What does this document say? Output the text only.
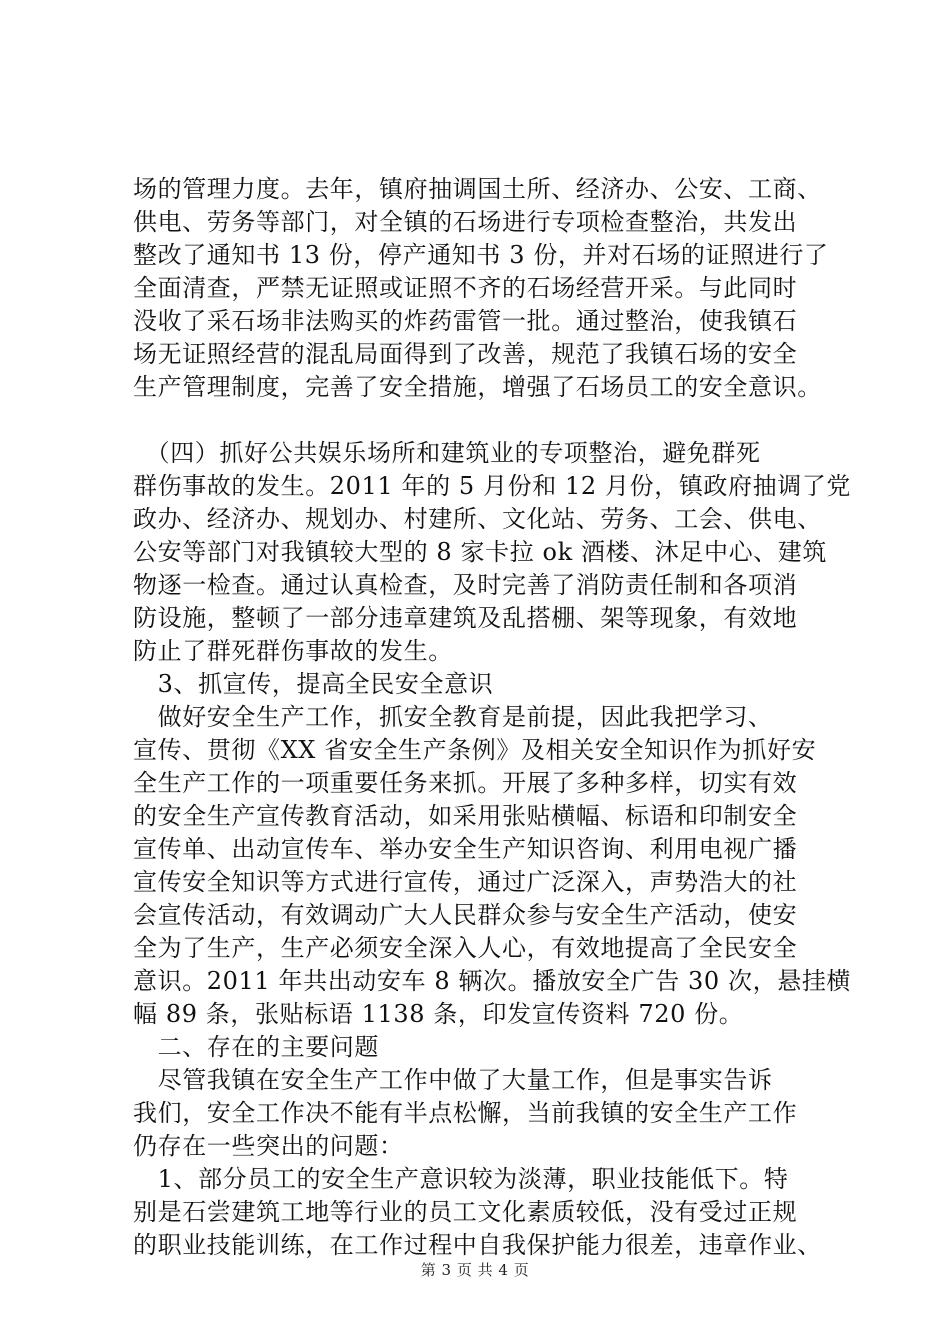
场的管理力度。去年，镇府抽调国土所、经济办、公安、工商、
供电、劳务等部门，对全镇的石场进行专项检查整治，共发出
整改了通知书 13 份，停产通知书 3 份，并对石场的证照进行了
全面清查，严禁无证照或证照不齐的石场经营开采。与此同时
没收了采石场非法购买的炸药雷管一批。通过整治，使我镇石
场无证照经营的混乱局面得到了改善，规范了我镇石场的安全
生产管理制度，完善了安全措施，增强了石场员工的安全意识。
　（四）抓好公共娱乐场所和建筑业的专项整治，避免群死
群伤事故的发生。2011 年的 5 月份和 12 月份，镇政府抽调了党
政办、经济办、规划办、村建所、文化站、劳务、工会、供电、
公安等部门对我镇较大型的 8 家卡拉 ok 酒楼、沐足中心、建筑
物逐一检查。通过认真检查，及时完善了消防责任制和各项消
防设施，整顿了一部分违章建筑及乱搭棚、架等现象，有效地
防止了群死群伤事故的发生。
　3、抓宣传，提高全民安全意识
　做好安全生产工作，抓安全教育是前提，因此我把学习、
宣传、贯彻《XX 省安全生产条例》及相关安全知识作为抓好安
全生产工作的一项重要任务来抓。开展了多种多样，切实有效
的安全生产宣传教育活动，如采用张贴横幅、标语和印制安全
宣传单、出动宣传车、举办安全生产知识咨询、利用电视广播
宣传安全知识等方式进行宣传，通过广泛深入，声势浩大的社
会宣传活动，有效调动广大人民群众参与安全生产活动，使安
全为了生产，生产必须安全深入人心，有效地提高了全民安全
意识。2011 年共出动安车 8 辆次。播放安全广告 30 次，悬挂横
幅 89 条，张贴标语 1138 条，印发宣传资料 720 份。
　二、存在的主要问题
　尽管我镇在安全生产工作中做了大量工作，但是事实告诉
我们，安全工作决不能有半点松懈，当前我镇的安全生产工作
仍存在一些突出的问题：
　1、部分员工的安全生产意识较为淡薄，职业技能低下。特
别是石尝建筑工地等行业的员工文化素质较低，没有受过正规
的职业技能训练，在工作过程中自我保护能力很差，违章作业、
第 3 页 共 4 页
